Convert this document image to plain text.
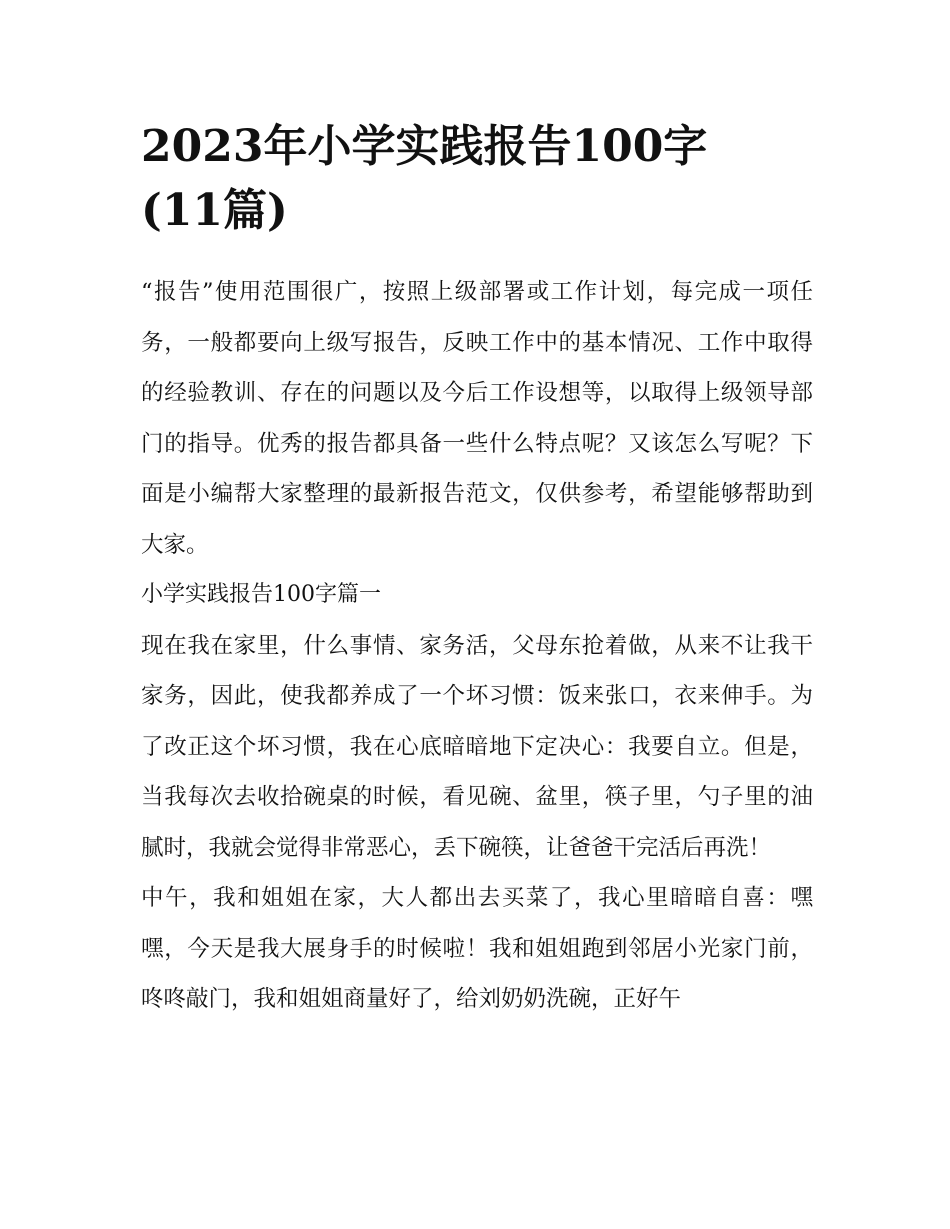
2023年小学实践报告100字
(11篇)

“报告”使用范围很广，按照上级部署或工作计划，每完成一项任务，一般都要向上级写报告，反映工作中的基本情况、工作中取得的经验教训、存在的问题以及今后工作设想等，以取得上级领导部门的指导。优秀的报告都具备一些什么特点呢？又该怎么写呢？下面是小编帮大家整理的最新报告范文，仅供参考，希望能够帮助到大家。

小学实践报告100字篇一

现在我在家里，什么事情、家务活，父母东抢着做，从来不让我干家务，因此，使我都养成了一个坏习惯：饭来张口，衣来伸手。为了改正这个坏习惯，我在心底暗暗地下定决心：我要自立。但是，当我每次去收拾碗桌的时候，看见碗、盆里，筷子里，勺子里的油腻时，我就会觉得非常恶心，丢下碗筷，让爸爸干完活后再洗！

中午，我和姐姐在家，大人都出去买菜了，我心里暗暗自喜：嘿嘿，今天是我大展身手的时候啦！我和姐姐跑到邻居小光家门前，咚咚敲门，我和姐姐商量好了，给刘奶奶洗碗，正好午
